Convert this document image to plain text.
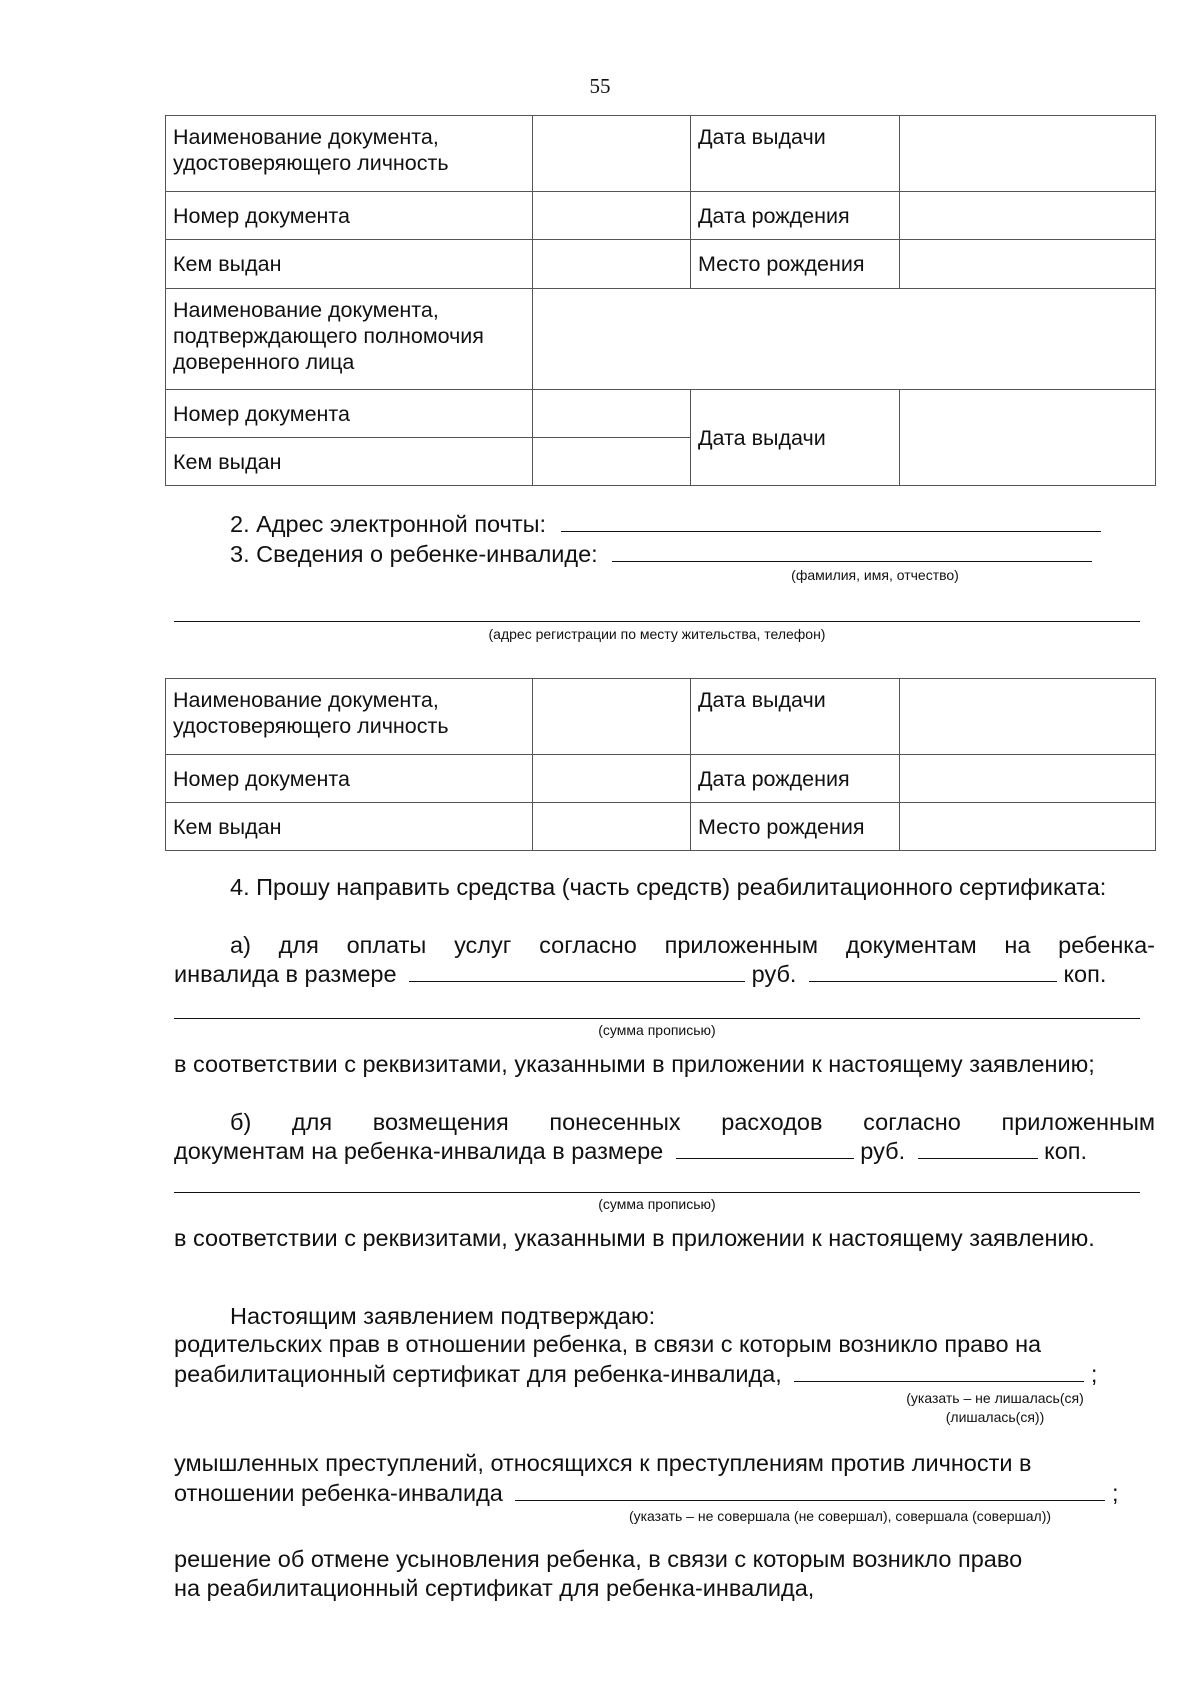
55
Наименование документа, удостоверяющего личность		Дата выдачи	
Номер документа		Дата рождения	
Кем выдан		Место рождения	
Наименование документа, подтверждающего полномочия доверенного лица			
Номер документа		Дата выдачи	
Кем выдан			
2. Адрес электронной почты:
3. Сведения о ребенке-инвалиде:
(фамилия, имя, отчество)
(адрес регистрации по месту жительства, телефон)
Наименование документа, удостоверяющего личность		Дата выдачи	
Номер документа		Дата рождения	
Кем выдан		Место рождения	
4. Прошу направить средства (часть средств) реабилитационного сертификата:
а) для оплаты услуг согласно приложенным документам на ребенка-
инвалида в размере	руб.	коп.
(сумма прописью)
в соответствии с реквизитами, указанными в приложении к настоящему заявлению;
б) для возмещения понесенных расходов согласно приложенным
документам на ребенка-инвалида в размере	руб.	коп.
(сумма прописью)
в соответствии с реквизитами, указанными в приложении к настоящему заявлению.
Настоящим заявлением подтверждаю:
родительских прав в отношении ребенка, в связи с которым возникло право на
реабилитационный сертификат для ребенка-инвалида,	;
(указать – не лишалась(ся)
(лишалась(ся))
умышленных преступлений, относящихся к преступлениям против личности в
отношении ребенка-инвалида	;
(указать – не совершала (не совершал), совершала (совершал))
решение об отмене усыновления ребенка, в связи с которым возникло право
на реабилитационный сертификат для ребенка-инвалида,
